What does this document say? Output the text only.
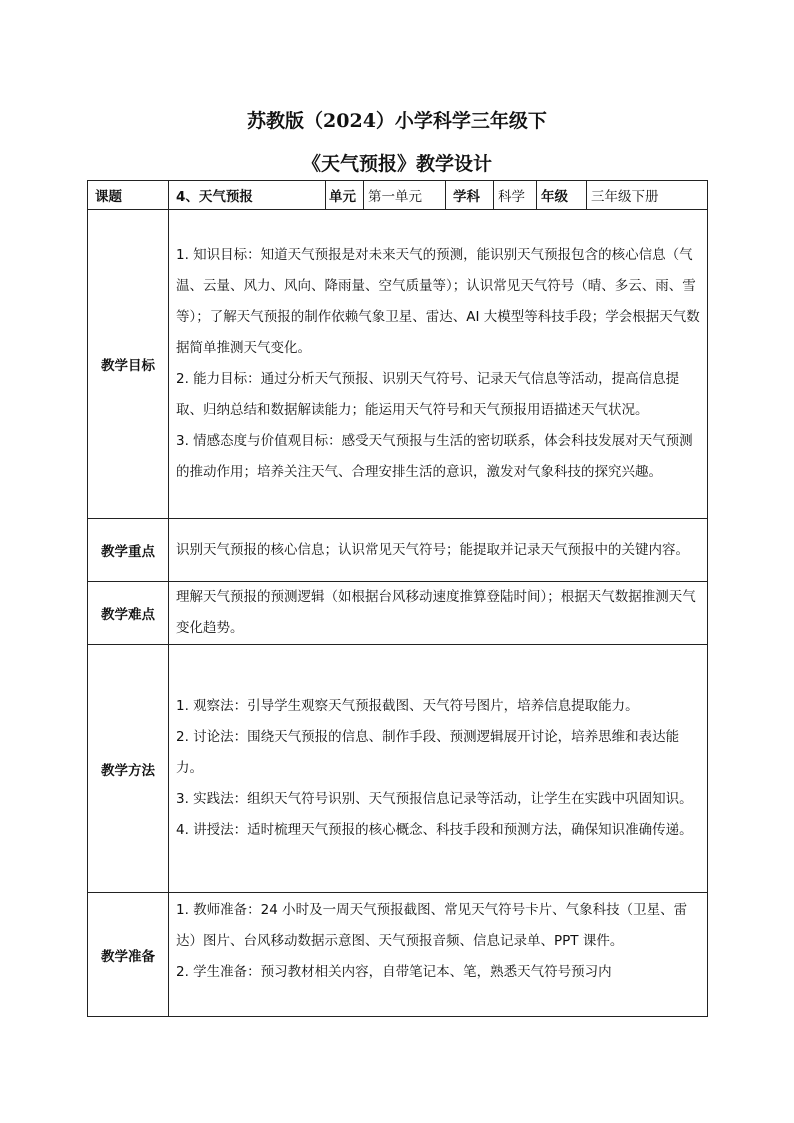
苏教版（2024）小学科学三年级下
《天气预报》教学设计
课题	4、天气预报	单元	第一单元	学科	科学	年级	三年级下册
教学目标	1. 知识目标：知道天气预报是对未来天气的预测，能识别天气预报包含的核心信息（气温、云量、风力、风向、降雨量、空气质量等）；认识常见天气符号（晴、多云、雨、雪等）；了解天气预报的制作依赖气象卫星、雷达、AI 大模型等科技手段；学会根据天气数据简单推测天气变化。

2. 能力目标：通过分析天气预报、识别天气符号、记录天气信息等活动，提高信息提取、归纳总结和数据解读能力；能运用天气符号和天气预报用语描述天气状况。

3. 情感态度与价值观目标：感受天气预报与生活的密切联系，体会科技发展对天气预测的推动作用；培养关注天气、合理安排生活的意识，激发对气象科技的探究兴趣。						

教学重点	识别天气预报的核心信息；认识常见天气符号；能提取并记录天气预报中的关键内容。						

教学难点	理解天气预报的预测逻辑（如根据台风移动速度推算登陆时间）；根据天气数据推测天气变化趋势。						

教学方法	1. 观察法：引导学生观察天气预报截图、天气符号图片，培养信息提取能力。

2. 讨论法：围绕天气预报的信息、制作手段、预测逻辑展开讨论，培养思维和表达能力。

3. 实践法：组织天气符号识别、天气预报信息记录等活动，让学生在实践中巩固知识。

4. 讲授法：适时梳理天气预报的核心概念、科技手段和预测方法，确保知识准确传递。						

教学准备	1. 教师准备：24 小时及一周天气预报截图、常见天气符号卡片、气象科技（卫星、雷达）图片、台风移动数据示意图、天气预报音频、信息记录单、PPT 课件。

2. 学生准备：预习教材相关内容，自带笔记本、笔，熟悉天气符号预习内						
